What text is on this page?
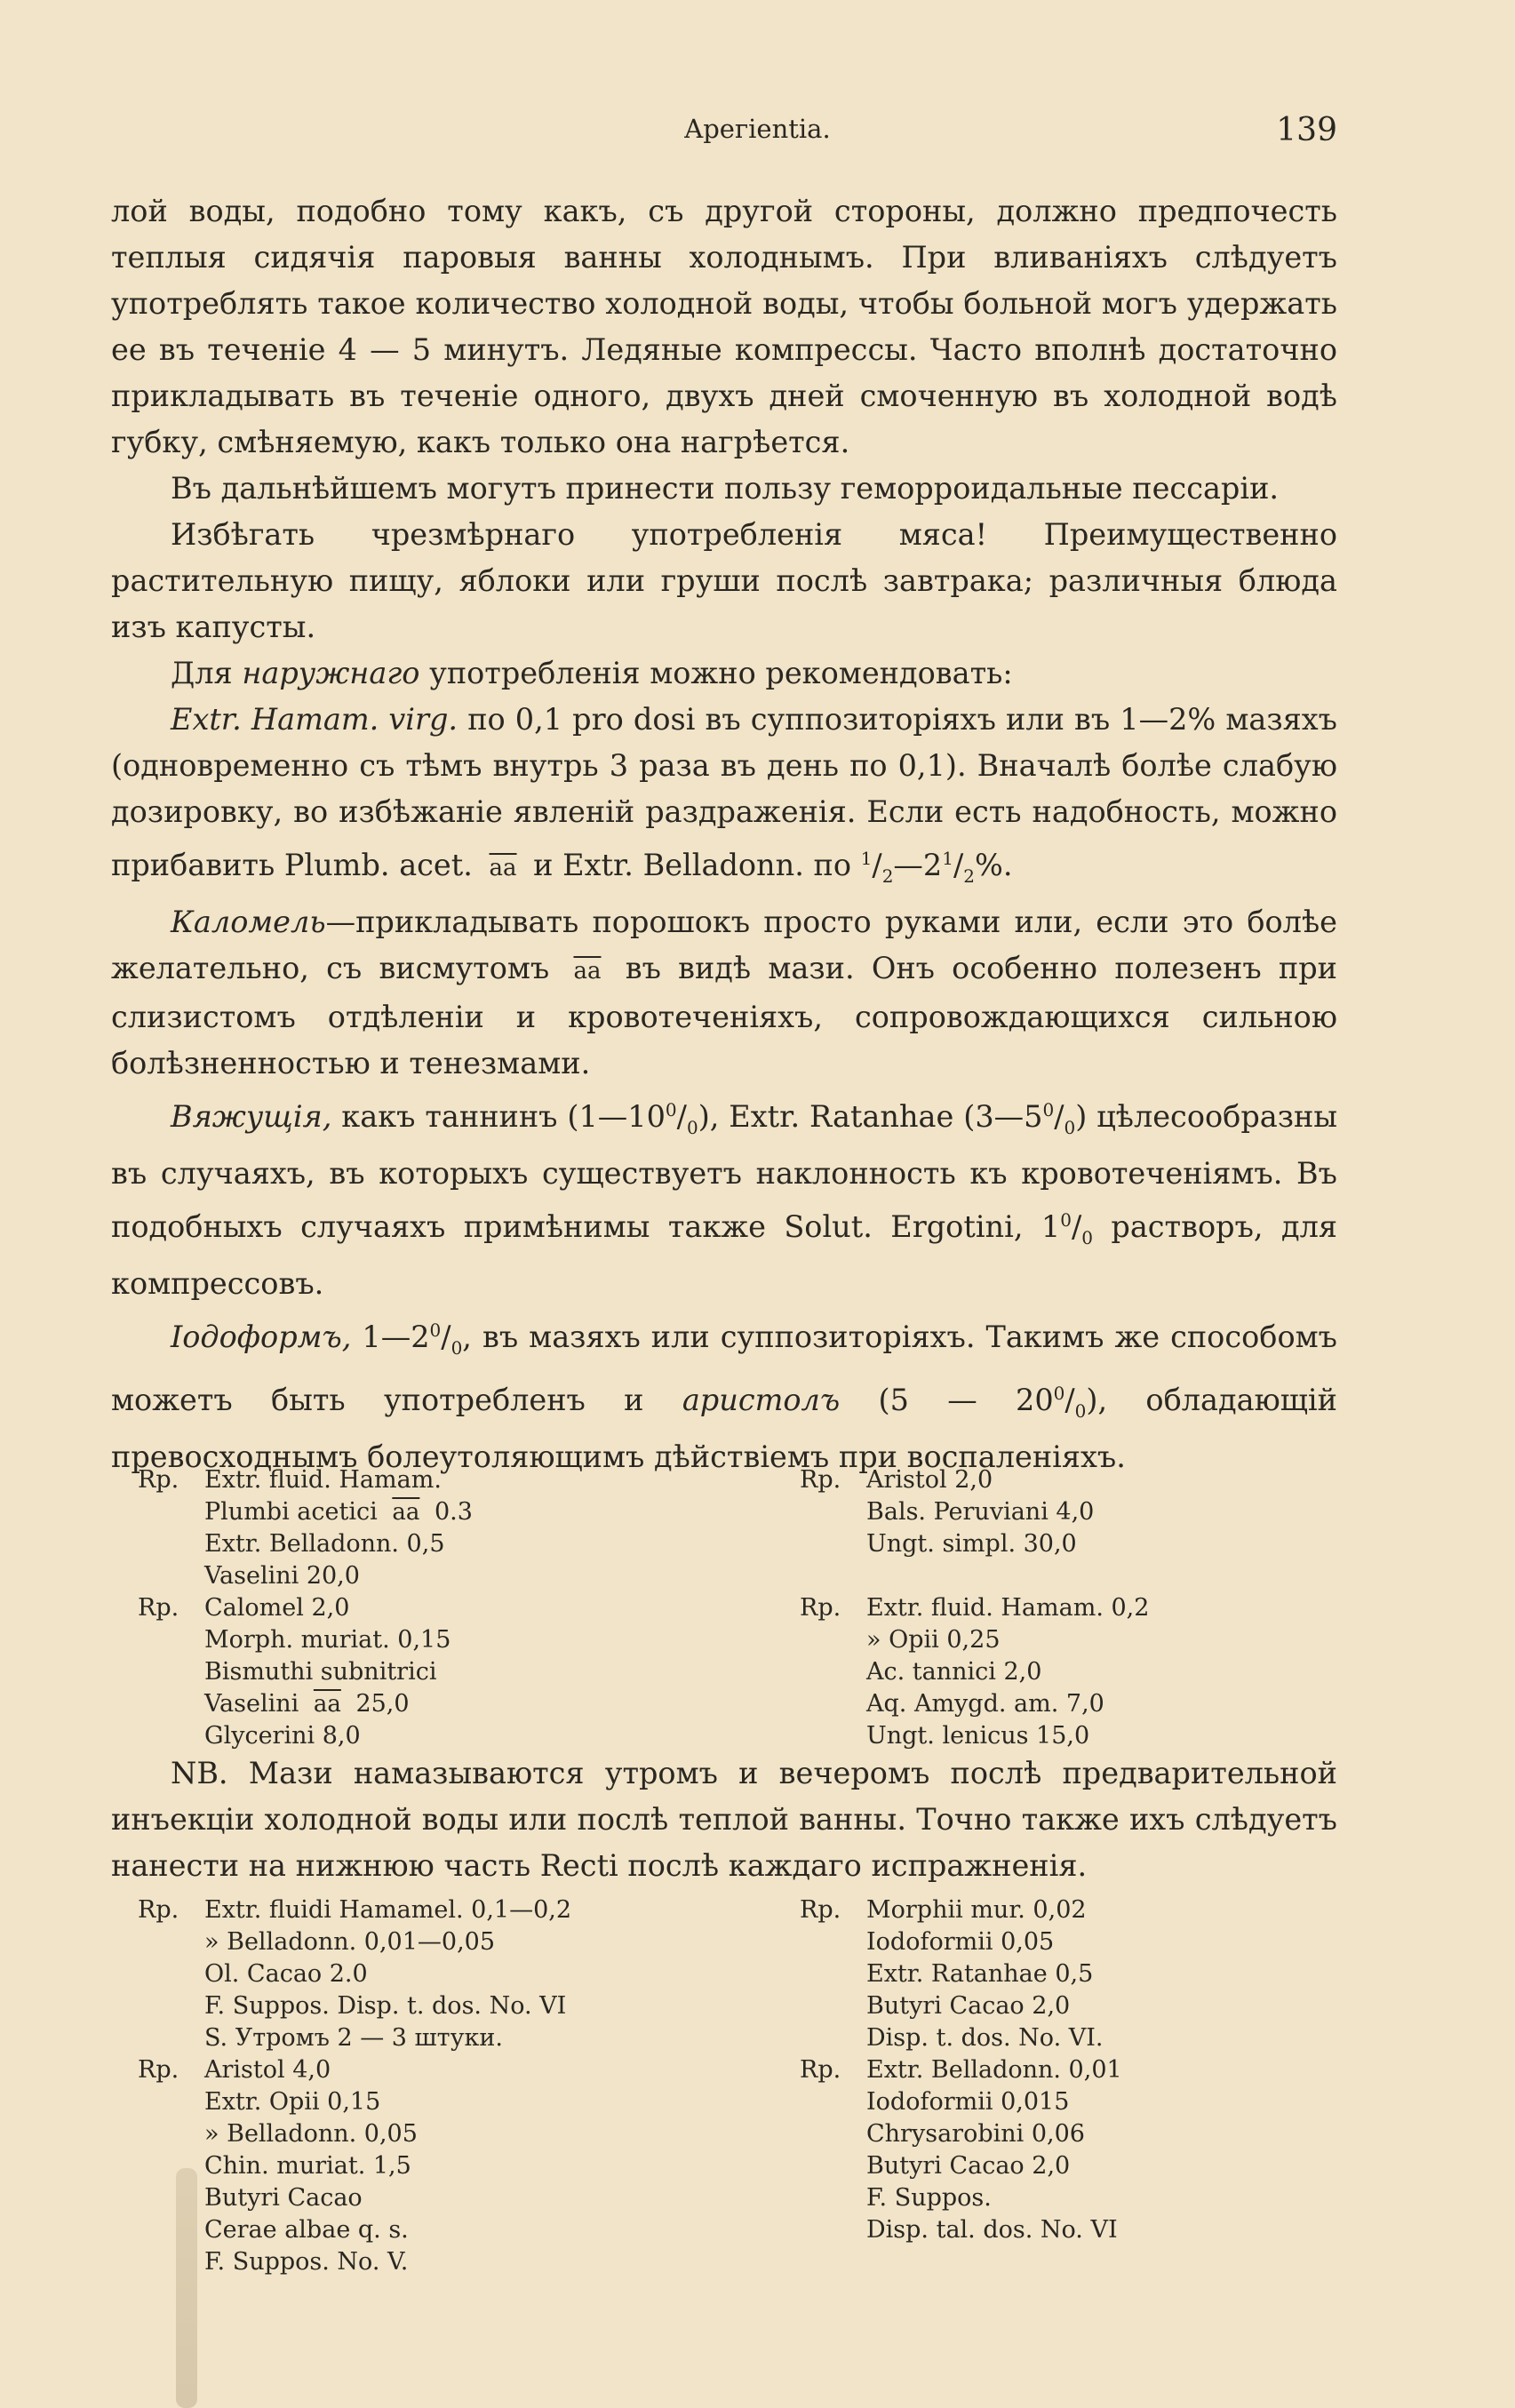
Apeгientia.	139

лой воды, подобно тому какъ, съ другой стороны, должно предпочесть теплыя сидячія паровыя ванны холоднымъ. При вливаніяхъ слѣдуетъ употреблять такое количество холодной воды, чтобы больной могъ удержать ее въ теченіе 4 — 5 минутъ. Ледяные компрессы. Часто вполнѣ достаточно прикладывать въ теченіе одного, двухъ дней смоченную въ холодной водѣ губку, смѣняемую, какъ только она нагрѣется.

Въ дальнѣйшемъ могутъ принести пользу геморроидальные пессаріи.

Избѣгать чрезмѣрнаго употребленія мяса! Преимущественно растительную пищу, яблоки или груши послѣ завтрака; различныя блюда изъ капусты.

Для наружнаго употребленія можно рекомендовать:

Extr. Hamam. virg. по 0,1 pro dosi въ суппозиторіяхъ или въ 1—2% мазяхъ (одновременно съ тѣмъ внутрь 3 раза въ день по 0,1). Вначалѣ болѣе слабую дозировку, во избѣжаніе явленій раздраженія. Если есть надобность, можно прибавить Plumb. acet. $\overline{aa}$ и Extr. Belladonn. по $^1/_2—2^1/_2\%$.

Каломель—прикладывать порошокъ просто руками или, если это болѣе желательно, съ висмутомъ $\overline{aa}$ въ видѣ мази. Онъ особенно полезенъ при слизистомъ отдѣленіи и кровотеченіяхъ, сопровождающихся сильною болѣзненностью и тенезмами.

Вяжущія, какъ таннинъ $(1—10^0/_0)$, Extr. Ratanhae $(3—5^0/_0)$ цѣлесообразны въ случаяхъ, въ которыхъ существуетъ наклонность къ кровотеченіямъ. Въ подобныхъ случаяхъ примѣнимы также Solut. Ergotini, $1^0/_0$ растворъ, для компрессовъ.

Іодоформъ, $1—2^0/_0$, въ мазяхъ или суппозиторіяхъ. Такимъ же способомъ можетъ быть употребленъ и аристолъ (5 — $20^0/_0$), обладающій превосходнымъ болеутоляющимъ дѣйствіемъ при воспаленіяхъ.

Rp. Extr. fluid. Hamam.
Plumbi acetici $\overline{aa}$ 0.3
Extr. Belladonn. 0,5
Vaselini 20,0
Rp. Calomel 2,0
Morph. muriat. 0,15
Bismuthi subnitrici
Vaselini $\overline{aa}$ 25,0
Glycerini 8,0
Rp. Aristol 2,0
Bals. Peruviani 4,0
Ungt. simpl. 30,0
Rp. Extr. fluid. Hamam. 0,2
» Opii 0,25
Ac. tannici 2,0
Aq. Amygd. am. 7,0
Ungt. lenicus 15,0

NB. Мази намазываются утромъ и вечеромъ послѣ предварительной инъекціи холодной воды или послѣ теплой ванны. Точно также ихъ слѣдуетъ нанести на нижнюю часть Recti послѣ каждаго испражненія.

Rp. Extr. fluidi Hamamel. 0,1—0,2
» Belladonn. 0,01—0,05
Ol. Cacao 2.0
F. Suppos. Disp. t. dos. No. VI
S. Утромъ 2 — 3 штуки.
Rp. Aristol 4,0
Extr. Opii 0,15
» Belladonn. 0,05
Chin. muriat. 1,5
Butyri Cacao
Cerae albae q. s.
F. Suppos. No. V.
Rp. Morphii mur. 0,02
Iodoformii 0,05
Extr. Ratanhae 0,5
Butyri Cacao 2,0
Disp. t. dos. No. VI.
Rp. Extr. Belladonn. 0,01
Iodoformii 0,015
Chrysarobini 0,06
Butyri Cacao 2,0
F. Suppos.
Disp. tal. dos. No. VI
